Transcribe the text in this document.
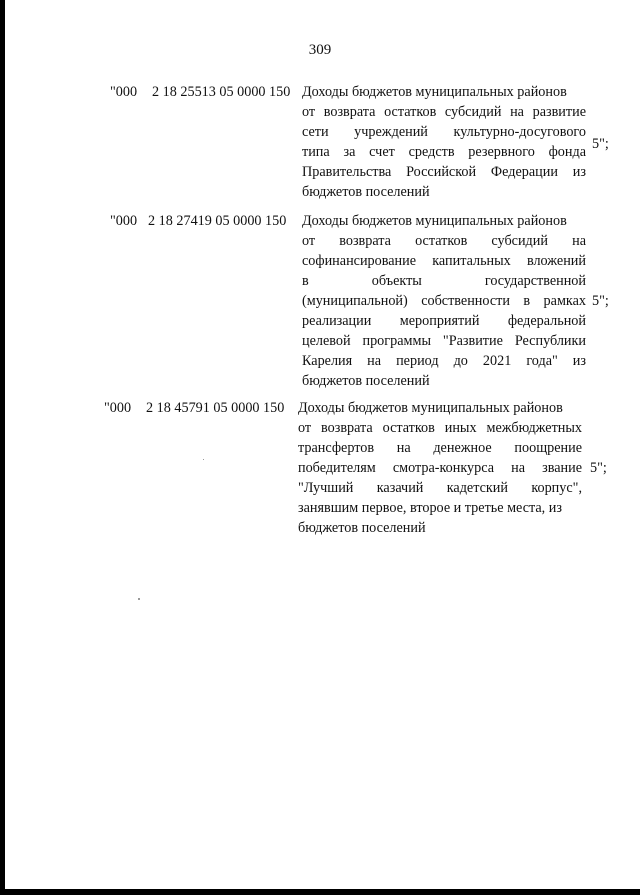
309
"000 2 18 25513 05 0000 150 Доходы бюджетов муниципальных районов
от возврата остатков субсидий на развитие
сети учреждений культурно-досугового
типа за счет средств резервного фонда
Правительства Российской Федерации из
бюджетов поселений
5";
"000 2 18 27419 05 0000 150 Доходы бюджетов муниципальных районов
от возврата остатков субсидий на
софинансирование капитальных вложений
в объекты государственной
(муниципальной) собственности в рамках
реализации мероприятий федеральной
целевой программы "Развитие Республики
Карелия на период до 2021 года" из
бюджетов поселений
5";
"000 2 18 45791 05 0000 150 Доходы бюджетов муниципальных районов
от возврата остатков иных межбюджетных
трансфертов на денежное поощрение
победителям смотра-конкурса на звание
"Лучший казачий кадетский корпус",
занявшим первое, второе и третье места, из
бюджетов поселений
5";
